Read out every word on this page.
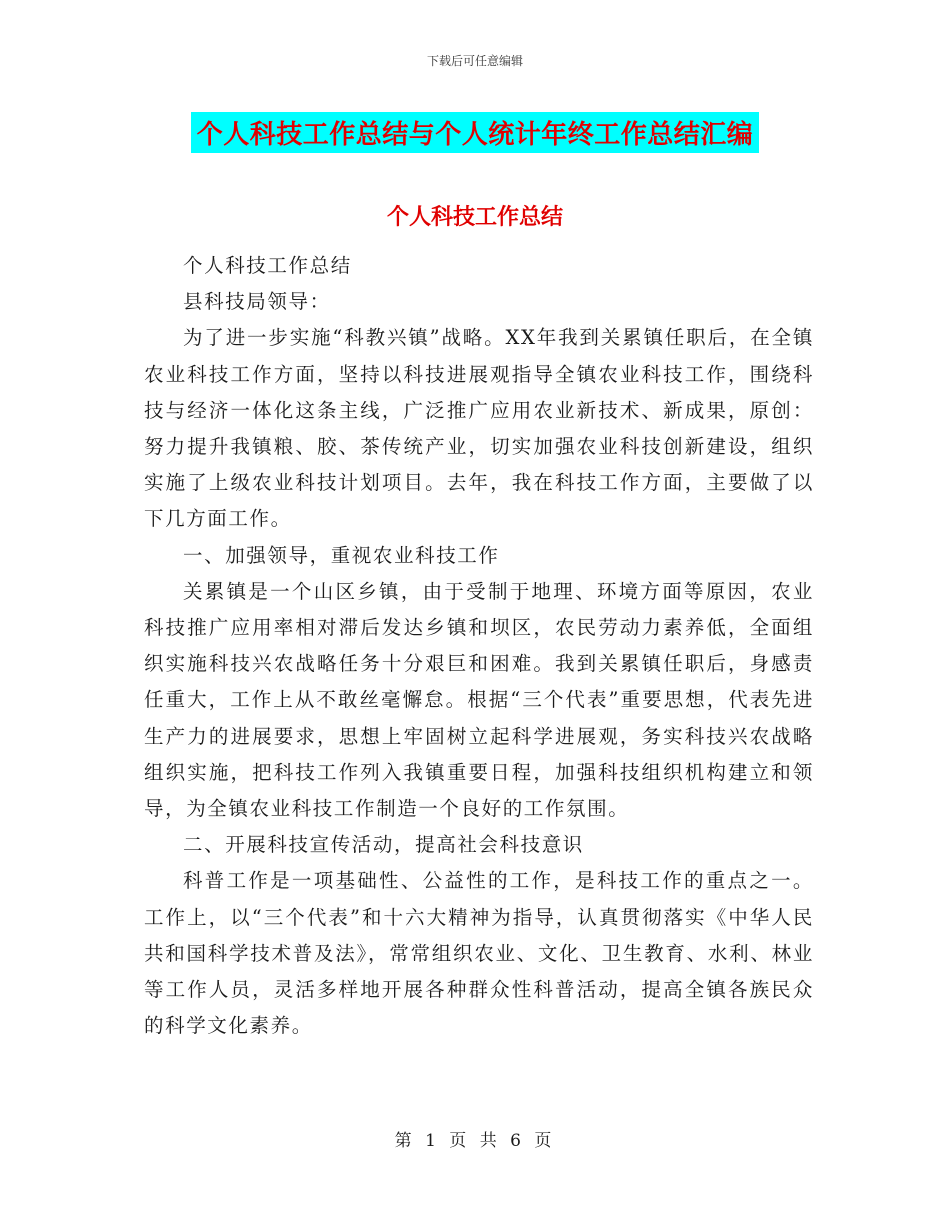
下载后可任意编辑
个人科技工作总结与个人统计年终工作总结汇编
个人科技工作总结

个人科技工作总结

县科技局领导：

为了进一步实施“科教兴镇”战略。XX年我到关累镇任职后，在全镇农业科技工作方面，坚持以科技进展观指导全镇农业科技工作，围绕科技与经济一体化这条主线，广泛推广应用农业新技术、新成果，原创： 努力提升我镇粮、胶、茶传统产业，切实加强农业科技创新建设，组织实施了上级农业科技计划项目。去年，我在科技工作方面，主要做了以下几方面工作。

一、加强领导，重视农业科技工作

关累镇是一个山区乡镇，由于受制于地理、环境方面等原因，农业科技推广应用率相对滞后发达乡镇和坝区，农民劳动力素养低，全面组织实施科技兴农战略任务十分艰巨和困难。我到关累镇任职后，身感责任重大，工作上从不敢丝毫懈怠。根据“三个代表”重要思想，代表先进生产力的进展要求，思想上牢固树立起科学进展观，务实科技兴农战略组织实施，把科技工作列入我镇重要日程，加强科技组织机构建立和领导，为全镇农业科技工作制造一个良好的工作氛围。

二、开展科技宣传活动，提高社会科技意识

科普工作是一项基础性、公益性的工作，是科技工作的重点之一。工作上，以“三个代表”和十六大精神为指导，认真贯彻落实《中华人民共和国科学技术普及法》，常常组织农业、文化、卫生教育、水利、林业等工作人员，灵活多样地开展各种群众性科普活动，提高全镇各族民众的科学文化素养。

第 1 页 共 6 页
